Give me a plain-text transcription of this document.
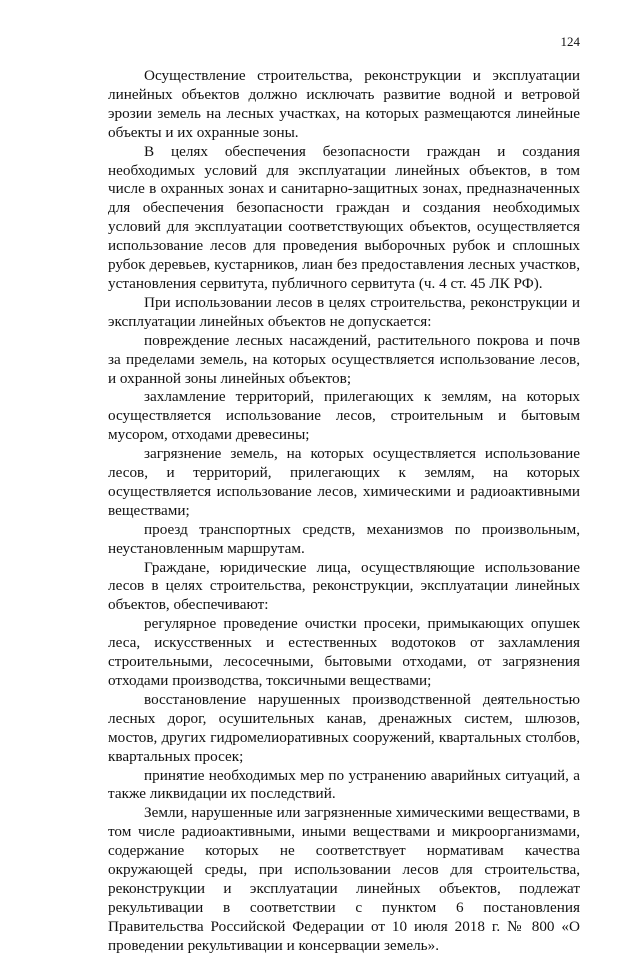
124

Осуществление строительства, реконструкции и эксплуатации линейных объектов должно исключать развитие водной и ветровой эрозии земель на лесных участках, на которых размещаются линейные объекты и их охранные зоны.

В целях обеспечения безопасности граждан и создания необходимых условий для эксплуатации линейных объектов, в том числе в охранных зонах и санитарно-защитных зонах, предназначенных для обеспечения безопасности граждан и создания необходимых условий для эксплуатации соответствующих объектов, осуществляется использование лесов для проведения выборочных рубок и сплошных рубок деревьев, кустарников, лиан без предоставления лесных участков, установления сервитута, публичного сервитута (ч. 4 ст. 45 ЛК РФ).

При использовании лесов в целях строительства, реконструкции и эксплуатации линейных объектов не допускается:

повреждение лесных насаждений, растительного покрова и почв за пределами земель, на которых осуществляется использование лесов, и охранной зоны линейных объектов;

захламление территорий, прилегающих к землям, на которых осуществляется использование лесов, строительным и бытовым мусором, отходами древесины;

загрязнение земель, на которых осуществляется использование лесов, и территорий, прилегающих к землям, на которых осуществляется использование лесов, химическими и радиоактивными веществами;

проезд транспортных средств, механизмов по произвольным, неустановленным маршрутам.

Граждане, юридические лица, осуществляющие использование лесов в целях строительства, реконструкции, эксплуатации линейных объектов, обеспечивают:

регулярное проведение очистки просеки, примыкающих опушек леса, искусственных и естественных водотоков от захламления строительными, лесосечными, бытовыми отходами, от загрязнения отходами производства, токсичными веществами;

восстановление нарушенных производственной деятельностью лесных дорог, осушительных канав, дренажных систем, шлюзов, мостов, других гидромелиоративных сооружений, квартальных столбов, квартальных просек;

принятие необходимых мер по устранению аварийных ситуаций, а также ликвидации их последствий.

Земли, нарушенные или загрязненные химическими веществами, в том числе радиоактивными, иными веществами и микроорганизмами, содержание которых не соответствует нормативам качества окружающей среды, при использовании лесов для строительства, реконструкции и эксплуатации линейных объектов, подлежат рекультивации в соответствии с пунктом 6 постановления Правительства Российской Федерации от 10 июля 2018 г. № 800 «О проведении рекультивации и консервации земель».
